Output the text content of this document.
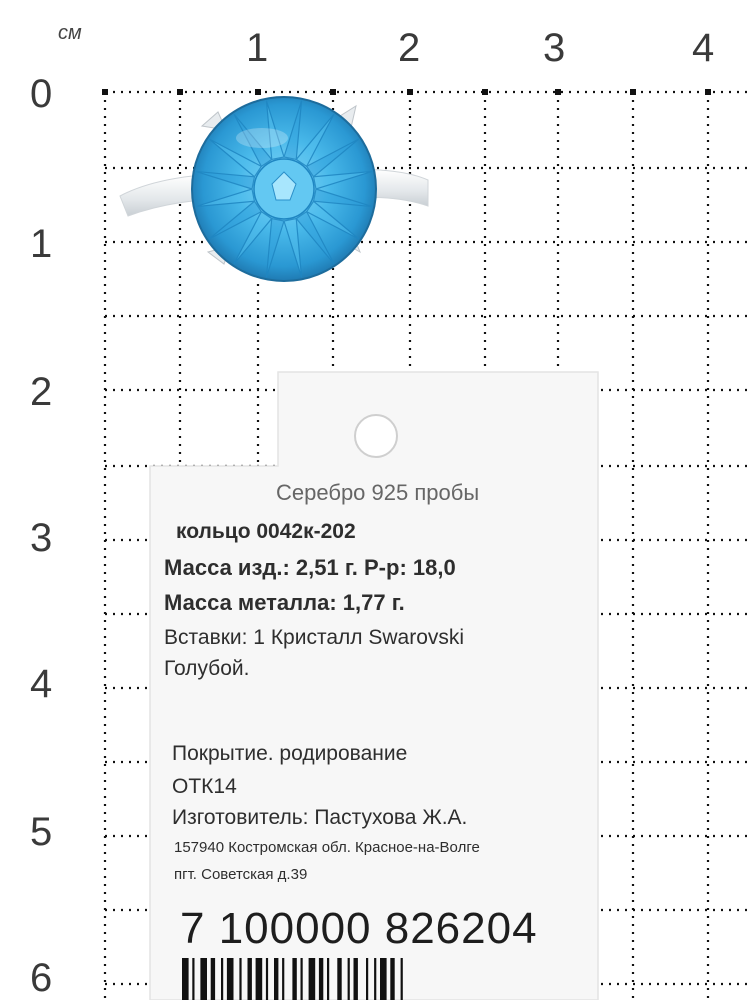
см	1	2	3	4
0
1
2
3
4
5
6
Серебро 925 пробы
кольцо 0042к-202
Масса изд.: 2,51 г. Р-р: 18,0
Масса металла: 1,77 г.
Вставки: 1 Кристалл Swarovski
Голубой.
Покрытие. родирование
ОТК14
Изготовитель: Пастухова Ж.А.
157940 Костромская обл. Красное-на-Волге
пгт. Советская д.39
7 100000 826204
